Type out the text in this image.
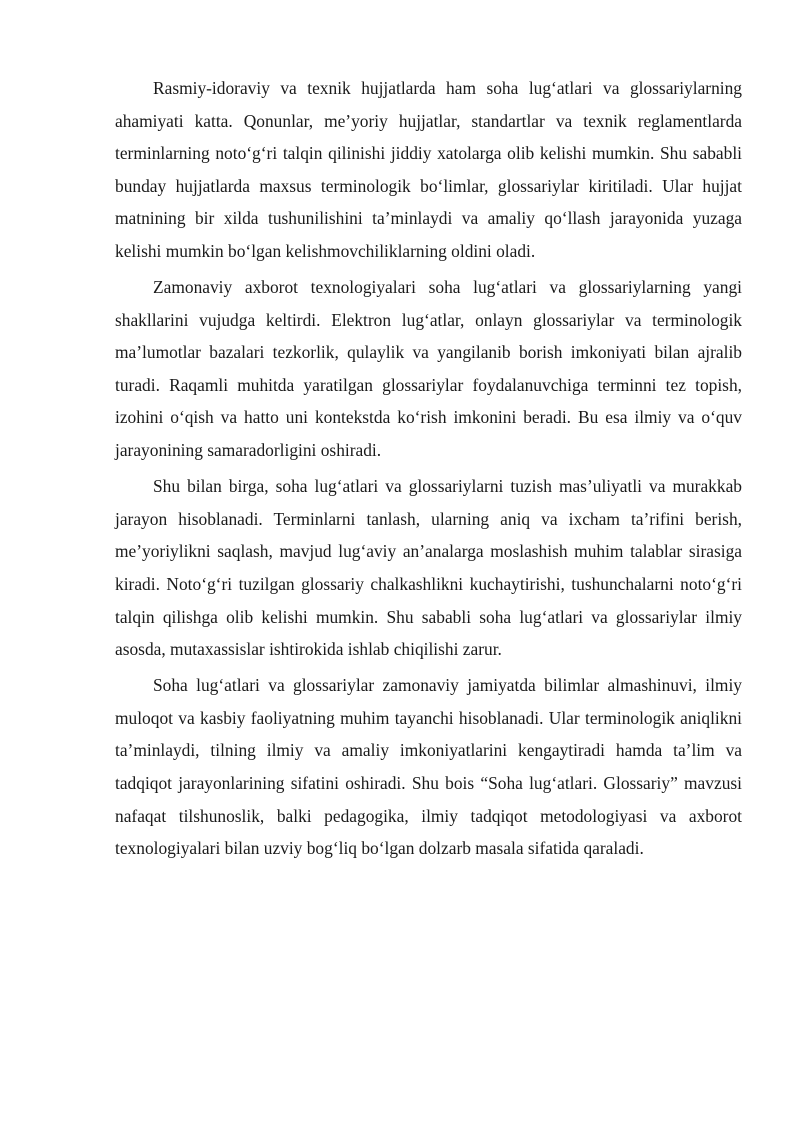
Rasmiy-idoraviy va texnik hujjatlarda ham soha lug‘atlari va glossariylarning ahamiyati katta. Qonunlar, me’yoriy hujjatlar, standartlar va texnik reglamentlarda terminlarning noto‘g‘ri talqin qilinishi jiddiy xatolarga olib kelishi mumkin. Shu sababli bunday hujjatlarda maxsus terminologik bo‘limlar, glossariylar kiritiladi. Ular hujjat matnining bir xilda tushunilishini ta’minlaydi va amaliy qo‘llash jarayonida yuzaga kelishi mumkin bo‘lgan kelishmovchiliklarning oldini oladi.

Zamonaviy axborot texnologiyalari soha lug‘atlari va glossariylarning yangi shakllarini vujudga keltirdi. Elektron lug‘atlar, onlayn glossariylar va terminologik ma’lumotlar bazalari tezkorlik, qulaylik va yangilanib borish imkoniyati bilan ajralib turadi. Raqamli muhitda yaratilgan glossariylar foydalanuvchiga terminni tez topish, izohini o‘qish va hatto uni kontekstda ko‘rish imkonini beradi. Bu esa ilmiy va o‘quv jarayonining samaradorligini oshiradi.

Shu bilan birga, soha lug‘atlari va glossariylarni tuzish mas’uliyatli va murakkab jarayon hisoblanadi. Terminlarni tanlash, ularning aniq va ixcham ta’rifini berish, me’yoriylikni saqlash, mavjud lug‘aviy an’analarga moslashish muhim talablar sirasiga kiradi. Noto‘g‘ri tuzilgan glossariy chalkashlikni kuchaytirishi, tushunchalarni noto‘g‘ri talqin qilishga olib kelishi mumkin. Shu sababli soha lug‘atlari va glossariylar ilmiy asosda, mutaxassislar ishtirokida ishlab chiqilishi zarur.

Soha lug‘atlari va glossariylar zamonaviy jamiyatda bilimlar almashinuvi, ilmiy muloqot va kasbiy faoliyatning muhim tayanchi hisoblanadi. Ular terminologik aniqlikni ta’minlaydi, tilning ilmiy va amaliy imkoniyatlarini kengaytiradi hamda ta’lim va tadqiqot jarayonlarining sifatini oshiradi. Shu bois “Soha lug‘atlari. Glossariy” mavzusi nafaqat tilshunoslik, balki pedagogika, ilmiy tadqiqot metodologiyasi va axborot texnologiyalari bilan uzviy bog‘liq bo‘lgan dolzarb masala sifatida qaraladi.
